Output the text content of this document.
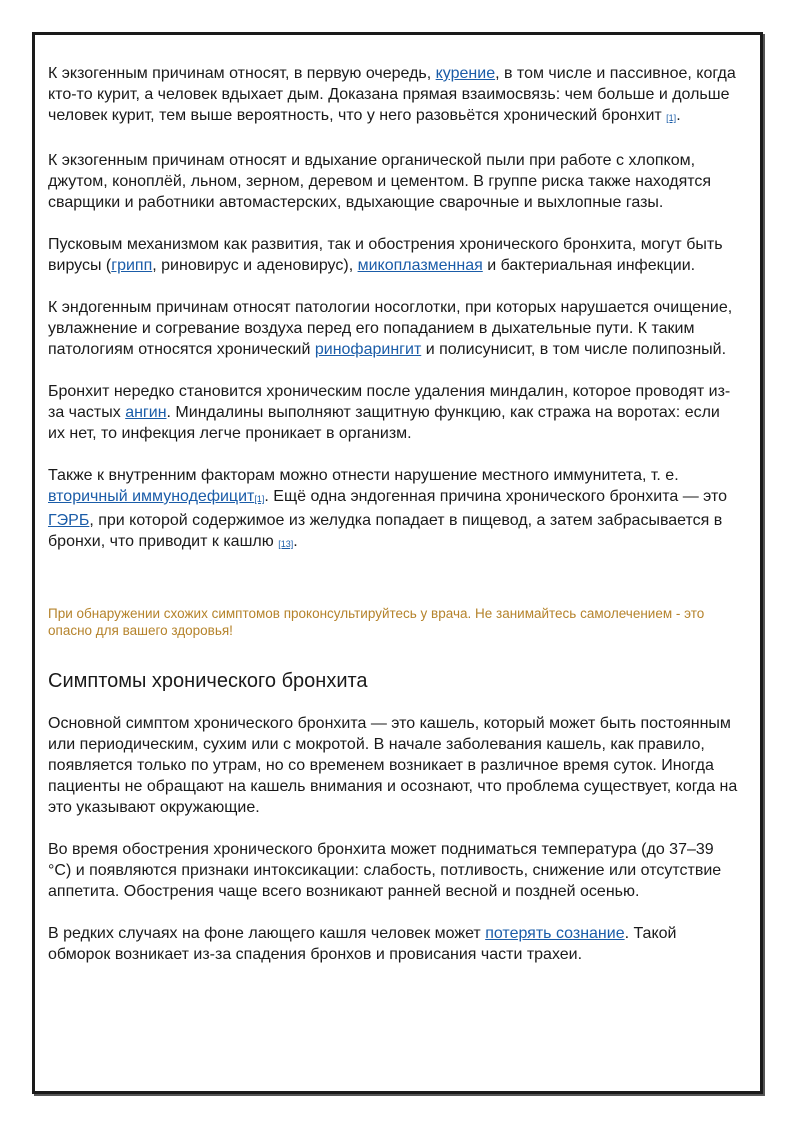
К экзогенным причинам относят, в первую очередь, курение, в том числе и пассивное, когда кто-то курит, а человек вдыхает дым. Доказана прямая взаимосвязь: чем больше и дольше человек курит, тем выше вероятность, что у него разовьётся хронический бронхит [1].

К экзогенным причинам относят и вдыхание органической пыли при работе с хлопком, джутом, коноплёй, льном, зерном, деревом и цементом. В группе риска также находятся сварщики и работники автомастерских, вдыхающие сварочные и выхлопные газы.

Пусковым механизмом как развития, так и обострения хронического бронхита, могут быть вирусы (грипп, риновирус и аденовирус), микоплазменная и бактериальная инфекции.

К эндогенным причинам относят патологии носоглотки, при которых нарушается очищение, увлажнение и согревание воздуха перед его попаданием в дыхательные пути. К таким патологиям относятся хронический ринофарингит и полисунисит, в том числе полипозный.

Бронхит нередко становится хроническим после удаления миндалин, которое проводят из-за частых ангин. Миндалины выполняют защитную функцию, как стража на воротах: если их нет, то инфекция легче проникает в организм.

Также к внутренним факторам можно отнести нарушение местного иммунитета, т. е. вторичный иммунодефицит[1]. Ещё одна эндогенная причина хронического бронхита — это ГЭРБ, при которой содержимое из желудка попадает в пищевод, а затем забрасывается в бронхи, что приводит к кашлю [13].

При обнаружении схожих симптомов проконсультируйтесь у врача. Не занимайтесь самолечением - это опасно для вашего здоровья!
Симптомы хронического бронхита

Основной симптом хронического бронхита — это кашель, который может быть постоянным или периодическим, сухим или с мокротой. В начале заболевания кашель, как правило, появляется только по утрам, но со временем возникает в различное время суток. Иногда пациенты не обращают на кашель внимания и осознают, что проблема существует, когда на это указывают окружающие.

Во время обострения хронического бронхита может подниматься температура (до 37–39 °C) и появляются признаки интоксикации: слабость, потливость, снижение или отсутствие аппетита. Обострения чаще всего возникают ранней весной и поздней осенью.

В редких случаях на фоне лающего кашля человек может потерять сознание. Такой обморок возникает из-за спадения бронхов и провисания части трахеи.
